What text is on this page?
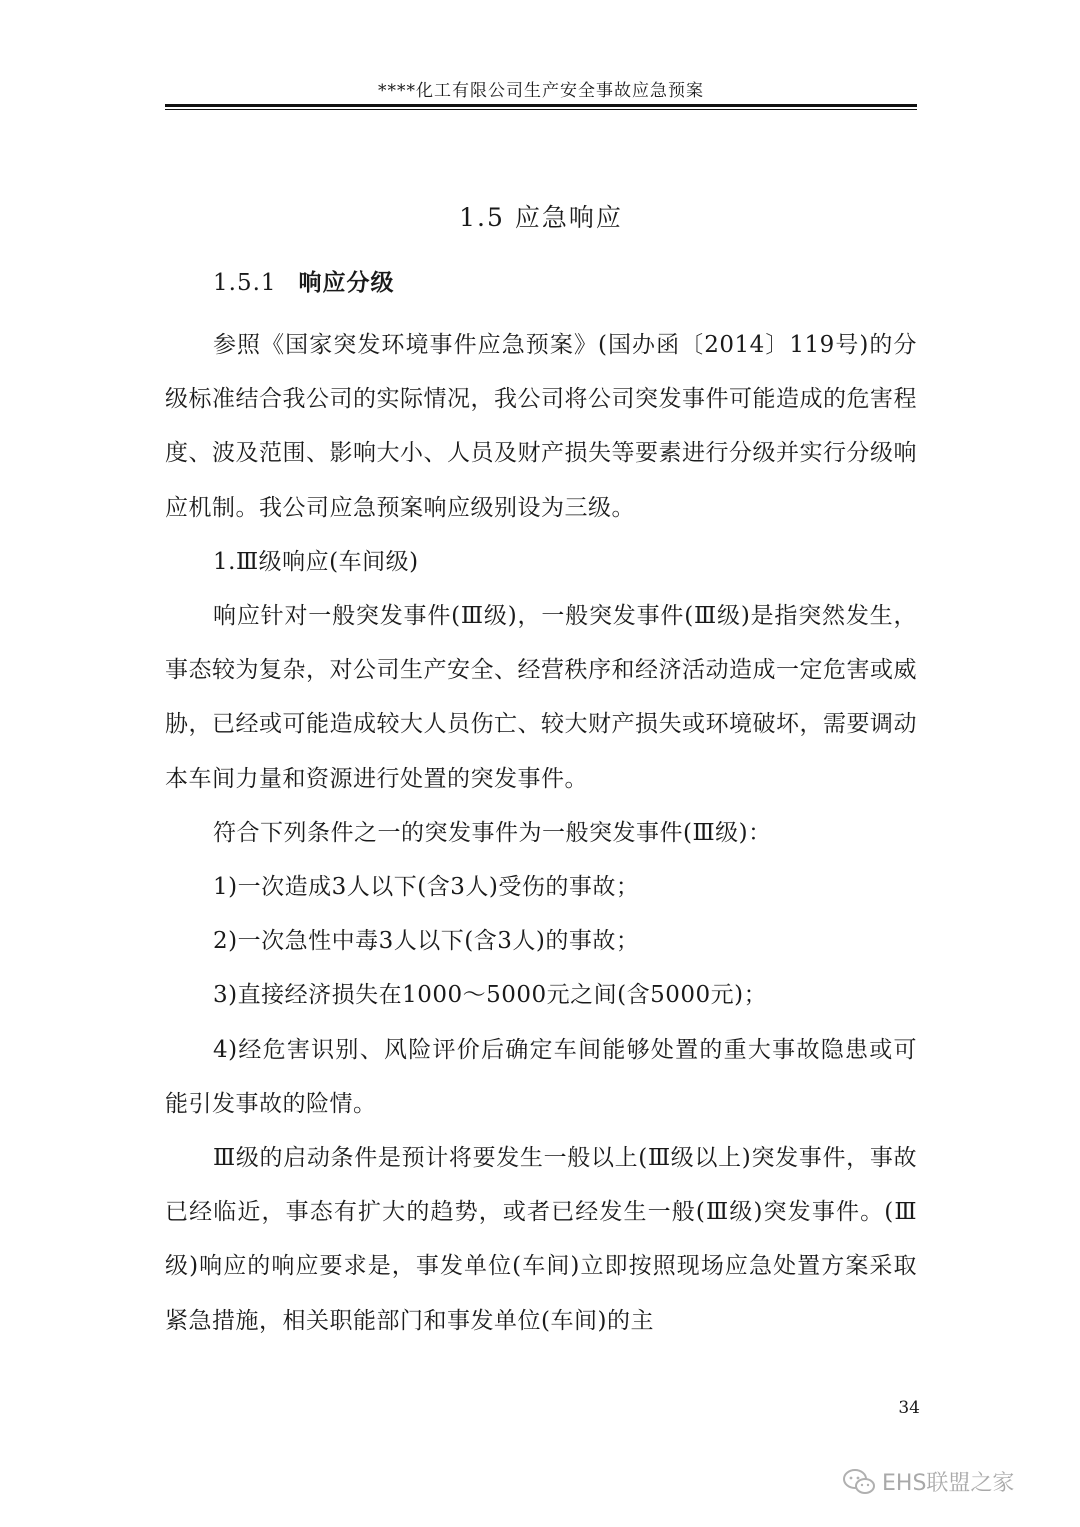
****化工有限公司生产安全事故应急预案
1.5 应急响应
1.5.1 响应分级

参照《国家突发环境事件应急预案》(国办函〔2014〕119号)的分级标准结合我公司的实际情况，我公司将公司突发事件可能造成的危害程度、波及范围、影响大小、人员及财产损失等要素进行分级并实行分级响应机制。我公司应急预案响应级别设为三级。

1.Ⅲ级响应(车间级)

响应针对一般突发事件(Ⅲ级)，一般突发事件(Ⅲ级)是指突然发生，事态较为复杂，对公司生产安全、经营秩序和经济活动造成一定危害或威胁，已经或可能造成较大人员伤亡、较大财产损失或环境破坏，需要调动本车间力量和资源进行处置的突发事件。

符合下列条件之一的突发事件为一般突发事件(Ⅲ级)：

1)一次造成3人以下(含3人)受伤的事故；

2)一次急性中毒3人以下(含3人)的事故；

3)直接经济损失在1000～5000元之间(含5000元)；

4)经危害识别、风险评价后确定车间能够处置的重大事故隐患或可能引发事故的险情。

Ⅲ级的启动条件是预计将要发生一般以上(Ⅲ级以上)突发事件，事故已经临近，事态有扩大的趋势，或者已经发生一般(Ⅲ级)突发事件。(Ⅲ级)响应的响应要求是，事发单位(车间)立即按照现场应急处置方案采取紧急措施，相关职能部门和事发单位(车间)的主

34
EHS联盟之家
